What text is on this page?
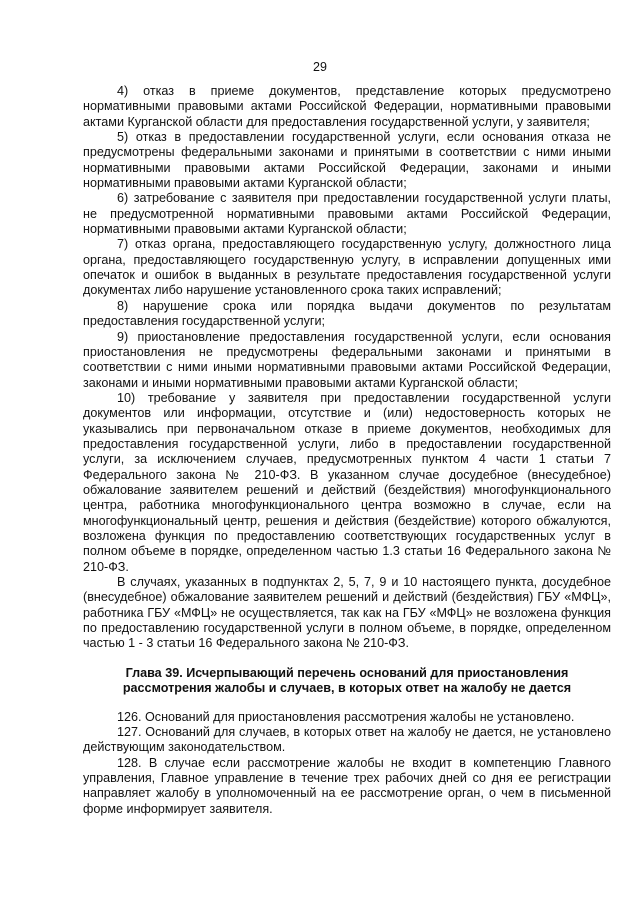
29

4) отказ в приеме документов, представление которых предусмотрено нормативными правовыми актами Российской Федерации, нормативными правовыми актами Курганской области для предоставления государственной услуги, у заявителя;

5) отказ в предоставлении государственной услуги, если основания отказа не предусмотрены федеральными законами и принятыми в соответствии с ними иными нормативными правовыми актами Российской Федерации, законами и иными нормативными правовыми актами Курганской области;

6) затребование с заявителя при предоставлении государственной услуги платы, не предусмотренной нормативными правовыми актами Российской Федерации, нормативными правовыми актами Курганской области;

7) отказ органа, предоставляющего государственную услугу, должностного лица органа, предоставляющего государственную услугу, в исправлении допущенных ими опечаток и ошибок в выданных в результате предоставления государственной услуги документах либо нарушение установленного срока таких исправлений;

8) нарушение срока или порядка выдачи документов по результатам предоставления государственной услуги;

9) приостановление предоставления государственной услуги, если основания приостановления не предусмотрены федеральными законами и принятыми в соответствии с ними иными нормативными правовыми актами Российской Федерации, законами и иными нормативными правовыми актами Курганской области;

10) требование у заявителя при предоставлении государственной услуги документов или информации, отсутствие и (или) недостоверность которых не указывались при первоначальном отказе в приеме документов, необходимых для предоставления государственной услуги, либо в предоставлении государственной услуги, за исключением случаев, предусмотренных пунктом 4 части 1 статьи 7 Федерального закона № 210-ФЗ. В указанном случае досудебное (внесудебное) обжалование заявителем решений и действий (бездействия) многофункционального центра, работника многофункционального центра возможно в случае, если на многофункциональный центр, решения и действия (бездействие) которого обжалуются, возложена функция по предоставлению соответствующих государственных услуг в полном объеме в порядке, определенном частью 1.3 статьи 16 Федерального закона № 210-ФЗ.

В случаях, указанных в подпунктах 2, 5, 7, 9 и 10 настоящего пункта, досудебное (внесудебное) обжалование заявителем решений и действий (бездействия) ГБУ «МФЦ», работника ГБУ «МФЦ» не осуществляется, так как на ГБУ «МФЦ» не возложена функция по предоставлению государственной услуги в полном объеме, в порядке, определенном частью 1 - 3 статьи 16 Федерального закона № 210-ФЗ.

Глава 39. Исчерпывающий перечень оснований для приостановления
рассмотрения жалобы и случаев, в которых ответ на жалобу не дается

126. Оснований для приостановления рассмотрения жалобы не установлено.

127. Оснований для случаев, в которых ответ на жалобу не дается, не установлено действующим законодательством.

128. В случае если рассмотрение жалобы не входит в компетенцию Главного управления, Главное управление в течение трех рабочих дней со дня ее регистрации направляет жалобу в уполномоченный на ее рассмотрение орган, о чем в письменной форме информирует заявителя.
